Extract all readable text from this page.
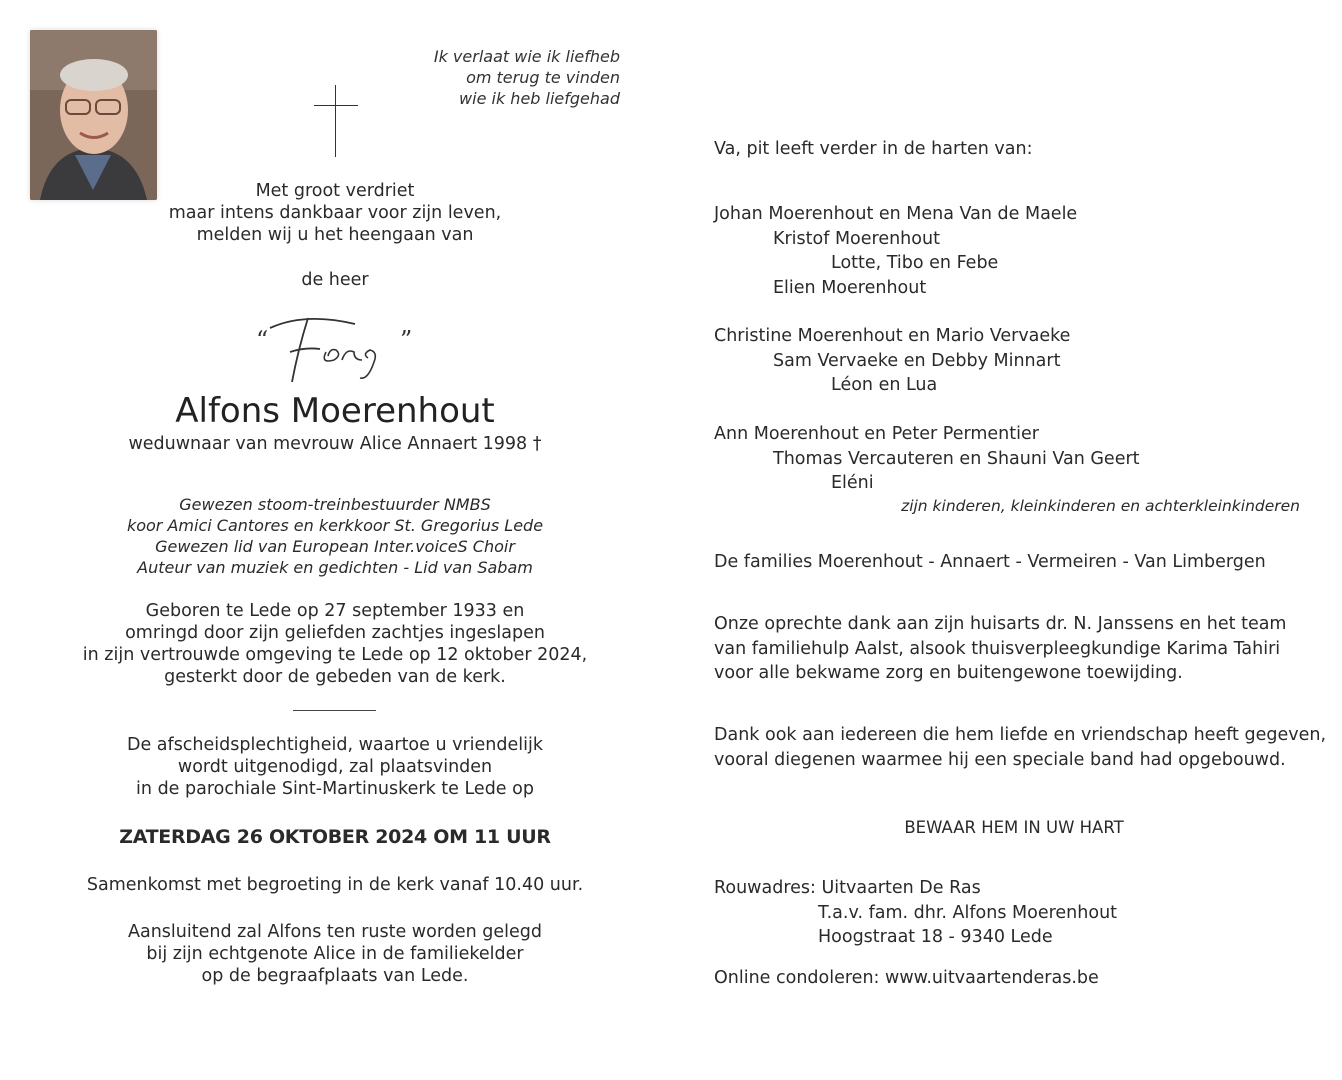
Ik verlaat wie ik liefheb
om terug te vinden
wie ik heb liefgehad
Met groot verdriet
maar intens dankbaar voor zijn leven,
melden wij u het heengaan van
de heer
“	”
“Fons”
Alfons Moerenhout
weduwnaar van mevrouw Alice Annaert 1998 †
Gewezen stoom-treinbestuurder NMBS
koor Amici Cantores en kerkkoor St. Gregorius Lede
Gewezen lid van European Inter.voiceS Choir
Auteur van muziek en gedichten - Lid van Sabam
Geboren te Lede op 27 september 1933 en
omringd door zijn geliefden zachtjes ingeslapen
in zijn vertrouwde omgeving te Lede op 12 oktober 2024,
gesterkt door de gebeden van de kerk.
De afscheidsplechtigheid, waartoe u vriendelijk
wordt uitgenodigd, zal plaatsvinden
in de parochiale Sint-Martinuskerk te Lede op
ZATERDAG 26 OKTOBER 2024 OM 11 UUR
Samenkomst met begroeting in de kerk vanaf 10.40 uur.
Aansluitend zal Alfons ten ruste worden gelegd
bij zijn echtgenote Alice in de familiekelder
op de begraafplaats van Lede.
Va, pit leeft verder in de harten van:
Johan Moerenhout en Mena Van de Maele
Kristof Moerenhout
Lotte, Tibo en Febe
Elien Moerenhout
Christine Moerenhout en Mario Vervaeke
Sam Vervaeke en Debby Minnart
Léon en Lua
Ann Moerenhout en Peter Permentier
Thomas Vercauteren en Shauni Van Geert
Eléni
zijn kinderen, kleinkinderen en achterkleinkinderen
De families Moerenhout - Annaert - Vermeiren - Van Limbergen
Onze oprechte dank aan zijn huisarts dr. N. Janssens en het team
van familiehulp Aalst, alsook thuisverpleegkundige Karima Tahiri
voor alle bekwame zorg en buitengewone toewijding.
Dank ook aan iedereen die hem liefde en vriendschap heeft gegeven,
vooral diegenen waarmee hij een speciale band had opgebouwd.
BEWAAR HEM IN UW HART
Rouwadres: Uitvaarten De Ras
T.a.v. fam. dhr. Alfons Moerenhout
Hoogstraat 18 - 9340 Lede
Online condoleren: www.uitvaartenderas.be
